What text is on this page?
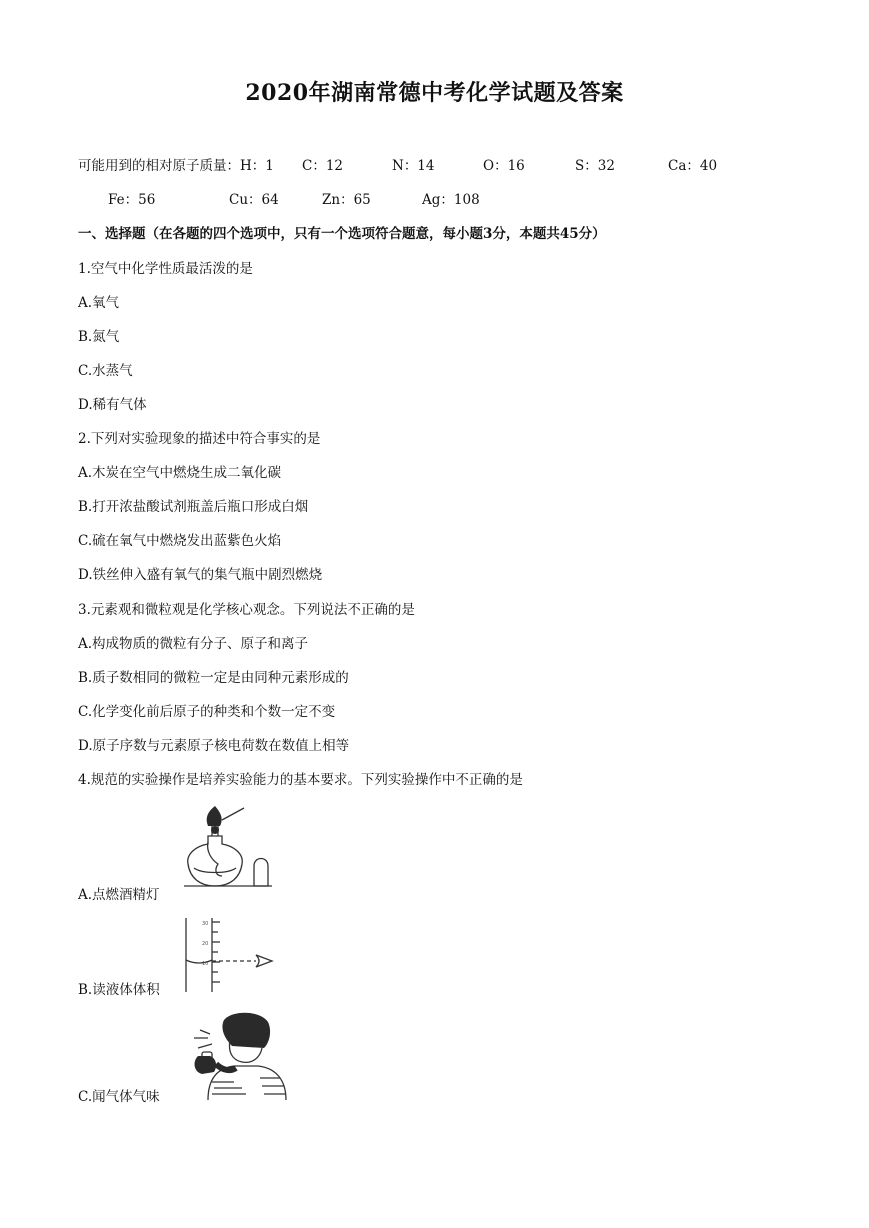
2020年湖南常德中考化学试题及答案
可能用到的相对原子质量：H：1 C：12	N：14	O：16	S：32	Ca：40
Fe：56	Cu：64	Zn：65	Ag：108
一、选择题（在各题的四个选项中，只有一个选项符合题意，每小题3分，本题共45分）
1.空气中化学性质最活泼的是
A.氧气
B.氮气
C.水蒸气
D.稀有气体
2.下列对实验现象的描述中符合事实的是
A.木炭在空气中燃烧生成二氧化碳
B.打开浓盐酸试剂瓶盖后瓶口形成白烟
C.硫在氧气中燃烧发出蓝紫色火焰
D.铁丝伸入盛有氧气的集气瓶中剧烈燃烧
3.元素观和微粒观是化学核心观念。下列说法不正确的是
A.构成物质的微粒有分子、原子和离子
B.质子数相同的微粒一定是由同种元素形成的
C.化学变化前后原子的种类和个数一定不变
D.原子序数与元素原子核电荷数在数值上相等
4.规范的实验操作是培养实验能力的基本要求。下列实验操作中不正确的是
A.点燃酒精灯
30
20
10
B.读液体体积
C.闻气体气味
